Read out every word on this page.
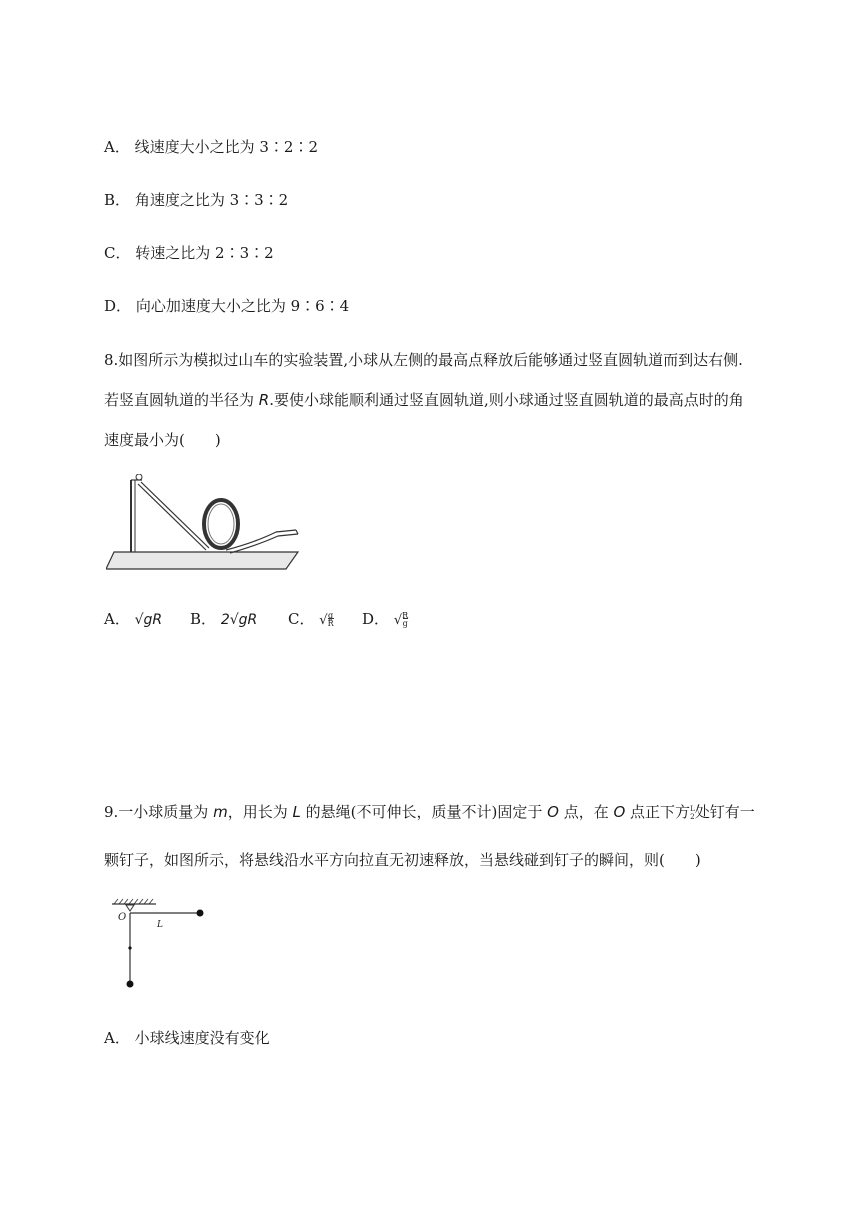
A． 线速度大小之比为 3∶2∶2
B． 角速度之比为 3∶3∶2
C． 转速之比为 2∶3∶2
D． 向心加速度大小之比为 9∶6∶4
8.如图所示为模拟过山车的实验装置,小球从左侧的最高点释放后能够通过竖直圆轨道而到达右侧.
若竖直圆轨道的半径为 R.要使小球能顺利通过竖直圆轨道,则小球通过竖直圆轨道的最高点时的角
速度最小为(　　)
A． √gR B． 2√gR C． $√\frac{g}{R}$ D． $√\frac{R}{g}$
9.一小球质量为 m，用长为 L 的悬绳(不可伸长，质量不计)固定于 O 点，在 O 点正下方L
2处钉有一
颗钉子，如图所示，将悬线沿水平方向拉直无初速释放，当悬线碰到钉子的瞬间，则(　　)
O
L
A． 小球线速度没有变化
